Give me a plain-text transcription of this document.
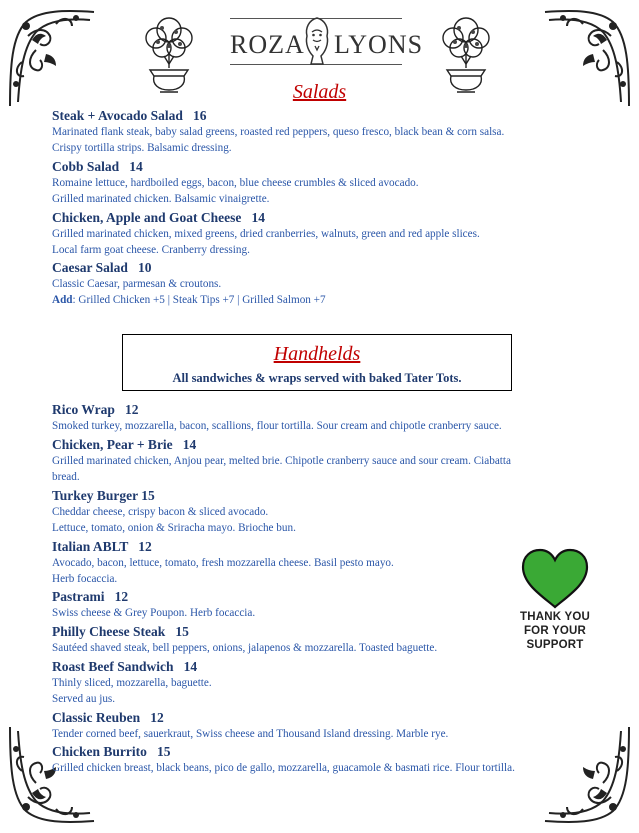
ROZA LYONS
Salads
Steak + Avocado Salad   16
Marinated flank steak, baby salad greens, roasted red peppers, queso fresco, black bean & corn salsa.
Crispy tortilla strips. Balsamic dressing.
Cobb Salad   14
Romaine lettuce, hardboiled eggs, bacon, blue cheese crumbles & sliced avocado.
Grilled marinated chicken. Balsamic vinaigrette.
Chicken, Apple and Goat Cheese   14
Grilled marinated chicken, mixed greens, dried cranberries, walnuts, green and red apple slices.
Local farm goat cheese. Cranberry dressing.
Caesar Salad   10
Classic Caesar, parmesan & croutons.
Add: Grilled Chicken +5 | Steak Tips +7 | Grilled Salmon +7
Handhelds
All sandwiches & wraps served with baked Tater Tots.
Rico Wrap   12
Smoked turkey, mozzarella, bacon, scallions, flour tortilla. Sour cream and chipotle cranberry sauce.
Chicken, Pear + Brie   14
Grilled marinated chicken, Anjou pear, melted brie. Chipotle cranberry sauce and sour cream. Ciabatta
bread.
Turkey Burger 15
Cheddar cheese, crispy bacon & sliced avocado.
Lettuce, tomato, onion & Sriracha mayo. Brioche bun.
Italian ABLT   12
Avocado, bacon, lettuce, tomato, fresh mozzarella cheese. Basil pesto mayo.
Herb focaccia.
Pastrami   12
Swiss cheese & Grey Poupon. Herb focaccia.
Philly Cheese Steak   15
Sautéed shaved steak, bell peppers, onions, jalapenos & mozzarella. Toasted baguette.
Roast Beef Sandwich   14
Thinly sliced, mozzarella, baguette.
Served au jus.
Classic Reuben   12
Tender corned beef, sauerkraut, Swiss cheese and Thousand Island dressing. Marble rye.
Chicken Burrito   15
Grilled chicken breast, black beans, pico de gallo, mozzarella, guacamole & basmati rice. Flour tortilla.
THANK YOU
FOR YOUR SUPPORT
